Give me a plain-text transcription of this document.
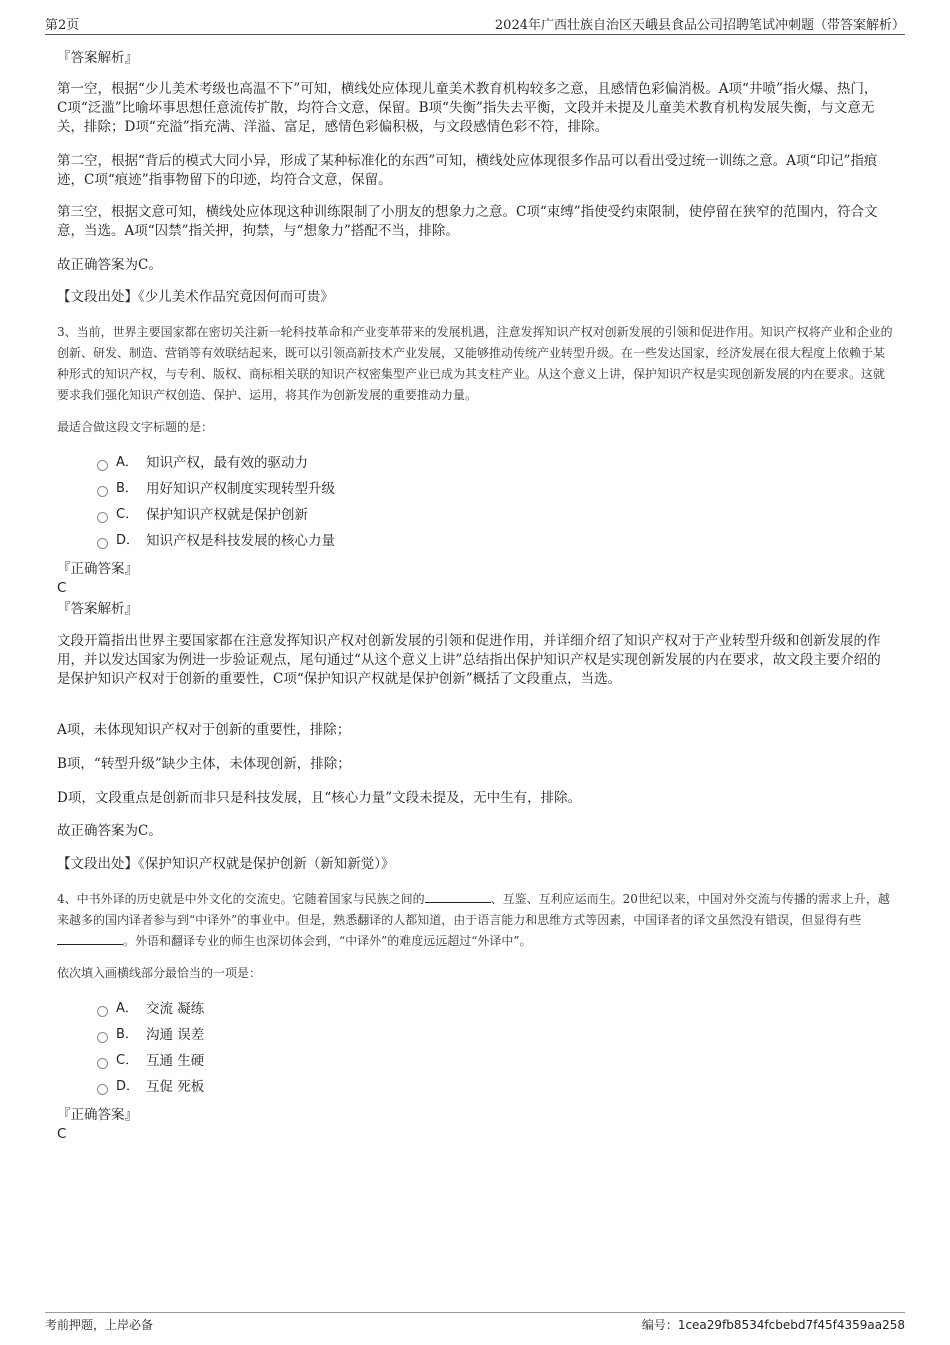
第2页	2024年广西壮族自治区天峨县食品公司招聘笔试冲刺题（带答案解析）
『答案解析』
第一空，根据“少儿美术考级也高温不下”可知，横线处应体现儿童美术教育机构较多之意，且感情色彩偏消极。A项“井喷”指火爆、热门，C项“泛滥”比喻坏事思想任意流传扩散，均符合文意，保留。B项“失衡”指失去平衡，文段并未提及儿童美术教育机构发展失衡，与文意无关，排除；D项“充溢”指充满、洋溢、富足，感情色彩偏积极，与文段感情色彩不符，排除。
第二空，根据“背后的模式大同小异，形成了某种标准化的东西”可知，横线处应体现很多作品可以看出受过统一训练之意。A项“印记”指痕迹，C项“痕迹”指事物留下的印迹，均符合文意，保留。
第三空，根据文意可知，横线处应体现这种训练限制了小朋友的想象力之意。C项“束缚”指使受约束限制，使停留在狭窄的范围内，符合文意，当选。A项“囚禁”指关押，拘禁，与“想象力”搭配不当，排除。
故正确答案为C。
【文段出处】《少儿美术作品究竟因何而可贵》
3、当前，世界主要国家都在密切关注新一轮科技革命和产业变革带来的发展机遇，注意发挥知识产权对创新发展的引领和促进作用。知识产权将产业和企业的创新、研发、制造、营销等有效联结起来，既可以引领高新技术产业发展，又能够推动传统产业转型升级。在一些发达国家，经济发展在很大程度上依赖于某种形式的知识产权，与专利、版权、商标相关联的知识产权密集型产业已成为其支柱产业。从这个意义上讲，保护知识产权是实现创新发展的内在要求。这就要求我们强化知识产权创造、保护、运用，将其作为创新发展的重要推动力量。
最适合做这段文字标题的是：
A． 知识产权，最有效的驱动力
B． 用好知识产权制度实现转型升级
C． 保护知识产权就是保护创新
D． 知识产权是科技发展的核心力量
『正确答案』
C
『答案解析』
文段开篇指出世界主要国家都在注意发挥知识产权对创新发展的引领和促进作用，并详细介绍了知识产权对于产业转型升级和创新发展的作用，并以发达国家为例进一步验证观点，尾句通过“从这个意义上讲”总结指出保护知识产权是实现创新发展的内在要求，故文段主要介绍的是保护知识产权对于创新的重要性，C项“保护知识产权就是保护创新”概括了文段重点，当选。
A项，未体现知识产权对于创新的重要性，排除；
B项，“转型升级”缺少主体，未体现创新，排除；
D项，文段重点是创新而非只是科技发展，且“核心力量”文段未提及，无中生有，排除。
故正确答案为C。
【文段出处】《保护知识产权就是保护创新（新知新觉）》
4、中书外译的历史就是中外文化的交流史。它随着国家与民族之间的	、互鉴、互利应运而生。20世纪以来，中国对外交流与传播的需求上升，越来越多的国内译者参与到“中译外”的事业中。但是，熟悉翻译的人都知道，由于语言能力和思维方式等因素，中国译者的译文虽然没有错误，但显得有些。外语和翻译专业的师生也深切体会到，“中译外”的难度远远超过“外译中”。
依次填入画横线部分最恰当的一项是：
A． 交流 凝练
B． 沟通 误差
C． 互通 生硬
D． 互促 死板
『正确答案』
C
考前押题，上岸必备	编号：1cea29fb8534fcbebd7f45f4359aa258
